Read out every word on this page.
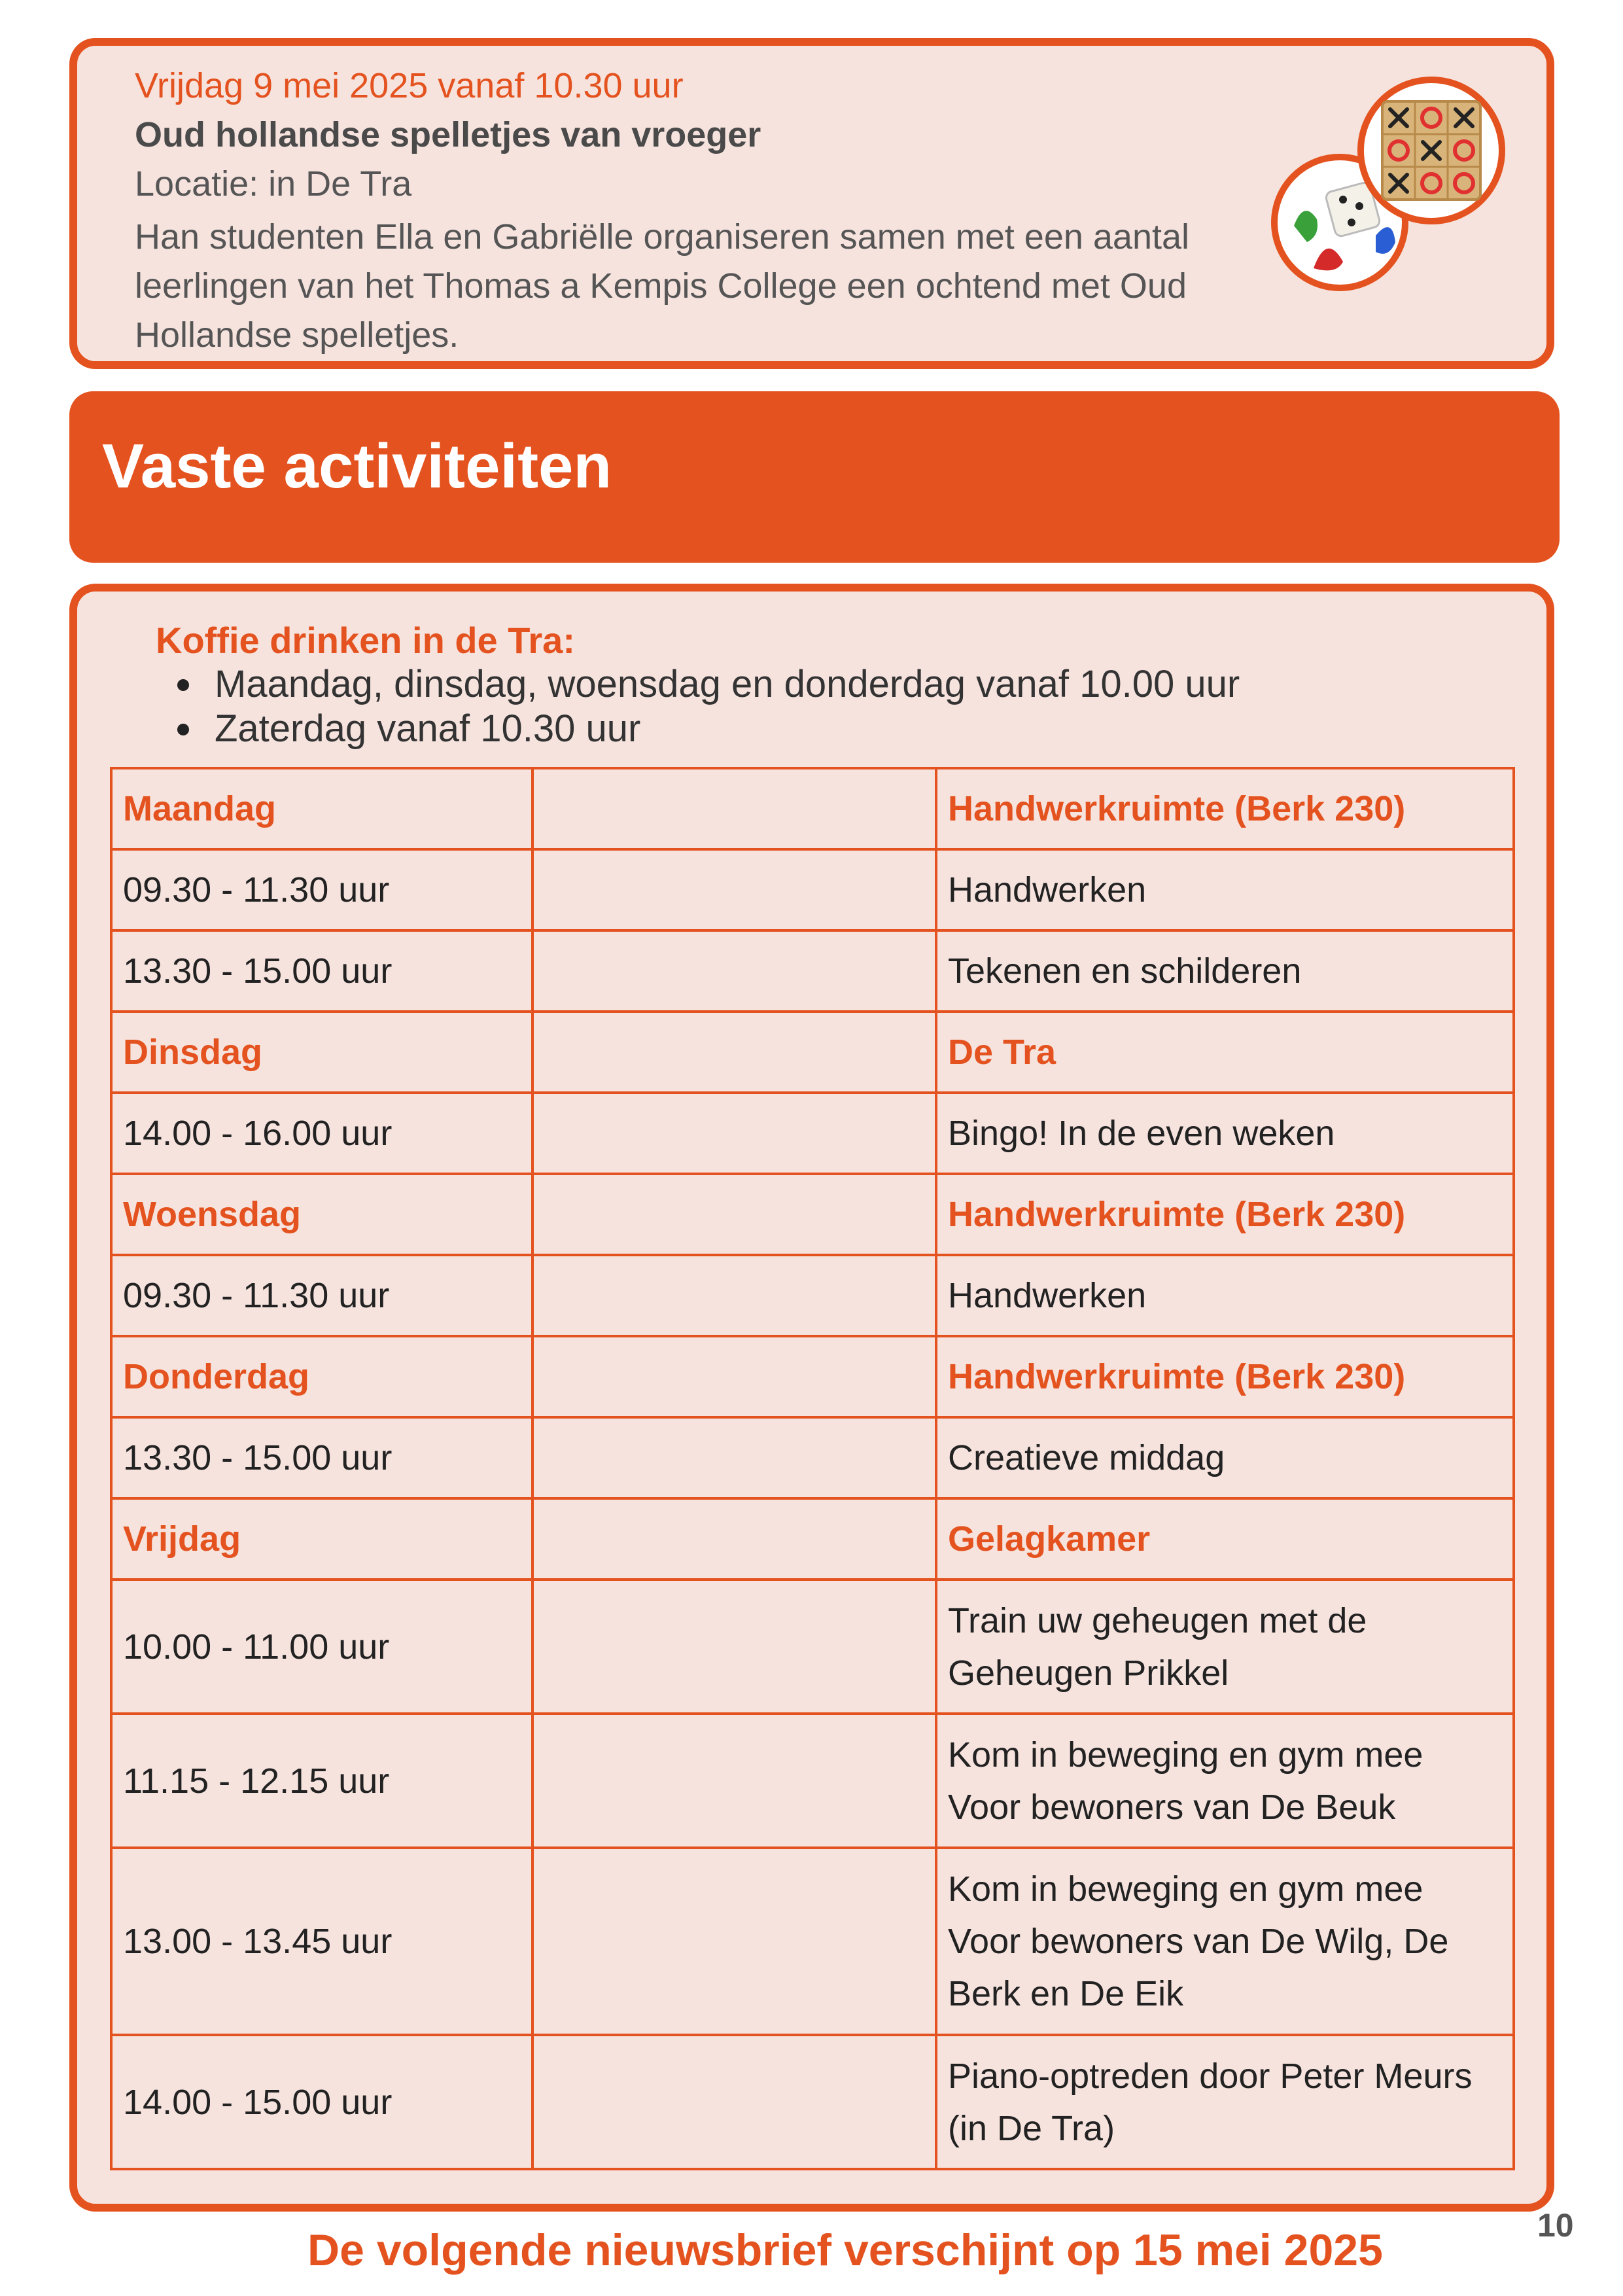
Vrijdag 9 mei 2025 vanaf 10.30 uur
Oud hollandse spelletjes van vroeger
Locatie: in De Tra
Han studenten Ella en Gabriëlle organiseren samen met een aantal leerlingen van het Thomas a Kempis College een ochtend met Oud Hollandse spelletjes.
Vaste activiteiten
Koffie drinken in de Tra:
Maandag, dinsdag, woensdag en donderdag vanaf 10.00 uur
Zaterdag vanaf 10.30 uur
Maandag		Handwerkruimte (Berk 230)
09.30 - 11.30 uur		Handwerken
13.30 - 15.00 uur		Tekenen en schilderen
Dinsdag		De Tra
14.00 - 16.00 uur		Bingo! In de even weken
Woensdag		Handwerkruimte (Berk 230)
09.30 - 11.30 uur		Handwerken
Donderdag		Handwerkruimte (Berk 230)
13.30 - 15.00 uur		Creatieve middag
Vrijdag		Gelagkamer
10.00 - 11.00 uur		Train uw geheugen met de Geheugen Prikkel
11.15 - 12.15 uur		Kom in beweging en gym mee Voor bewoners van De Beuk
13.00 - 13.45 uur		Kom in beweging en gym mee Voor bewoners van De Wilg, De Berk en De Eik
14.00 - 15.00 uur		Piano-optreden door Peter Meurs (in De Tra)
De volgende nieuwsbrief verschijnt op 15 mei 2025	10
